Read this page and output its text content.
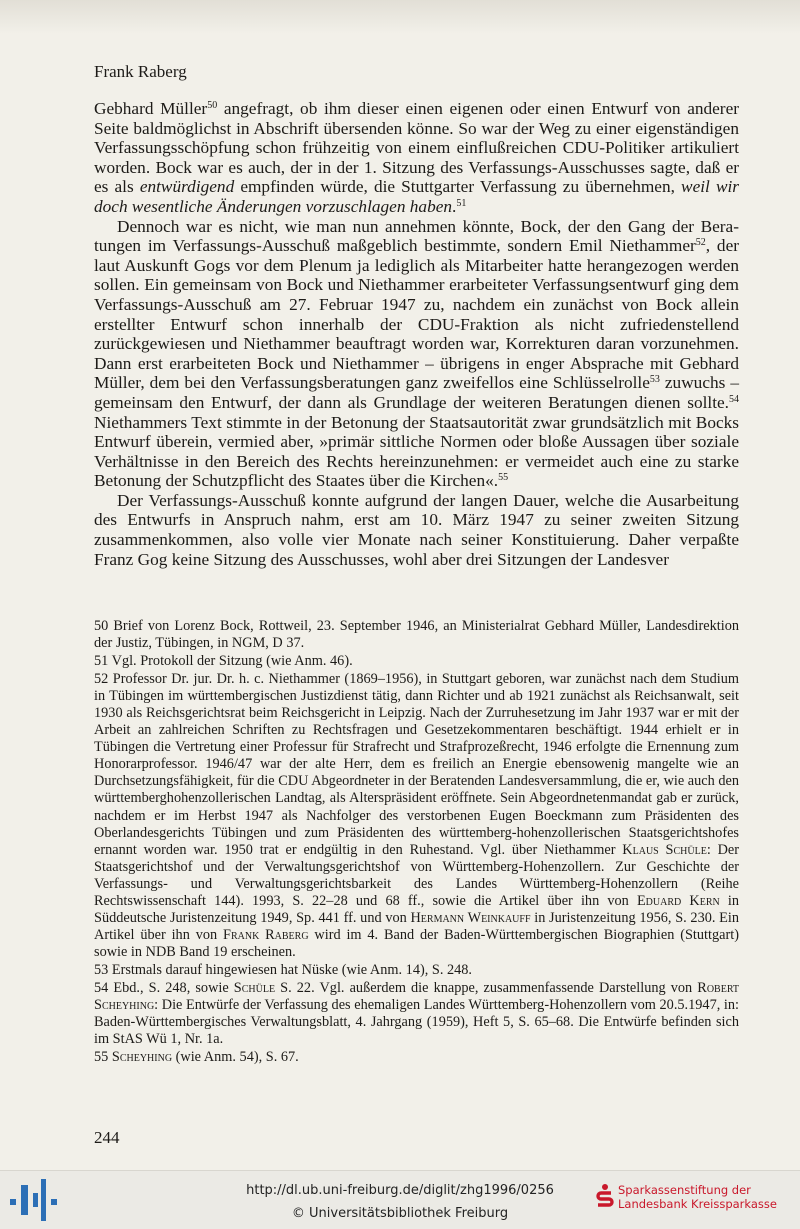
Frank Raberg

Gebhard Müller$^{50}$ angefragt, ob ihm dieser einen eigenen oder einen Entwurf von anderer Seite baldmöglichst in Abschrift übersenden könne. So war der Weg zu einer eigenständigen Verfassungsschöpfung schon frühzeitig von einem einflußreichen CDU-Politiker artikuliert worden. Bock war es auch, der in der 1. Sitzung des Verfassungs-Ausschusses sagte, daß er es als entwürdigend empfinden würde, die Stuttgarter Verfassung zu übernehmen, weil wir doch wesentliche Änderungen vorzuschlagen haben.$^{51}$

Dennoch war es nicht, wie man nun annehmen könnte, Bock, der den Gang der Beratungen im Verfassungs-Ausschuß maßgeblich bestimmte, sondern Emil Niethammer$^{52}$, der laut Auskunft Gogs vor dem Plenum ja lediglich als Mitarbeiter hatte herangezogen werden sollen. Ein gemeinsam von Bock und Niethammer erarbeiteter Verfassungsentwurf ging dem Verfassungs-Ausschuß am 27. Februar 1947 zu, nachdem ein zunächst von Bock allein erstellter Entwurf schon innerhalb der CDU-Fraktion als nicht zufriedenstellend zurückgewiesen und Niethammer beauftragt worden war, Korrekturen daran vorzunehmen. Dann erst erarbeiteten Bock und Niethammer – übrigens in enger Absprache mit Gebhard Müller, dem bei den Verfassungsberatungen ganz zweifellos eine Schlüsselrolle$^{53}$ zuwuchs – gemeinsam den Entwurf, der dann als Grundlage der weiteren Beratungen dienen sollte.$^{54}$ Niethammers Text stimmte in der Betonung der Staatsautorität zwar grundsätzlich mit Bocks Entwurf überein, vermied aber, »primär sittliche Normen oder bloße Aussagen über soziale Verhältnisse in den Bereich des Rechts hereinzunehmen: er vermeidet auch eine zu starke Betonung der Schutzpflicht des Staates über die Kirchen«.$^{55}$

Der Verfassungs-Ausschuß konnte aufgrund der langen Dauer, welche die Ausarbeitung des Entwurfs in Anspruch nahm, erst am 10. März 1947 zu seiner zweiten Sitzung zusammenkommen, also volle vier Monate nach seiner Konstituierung. Daher verpaßte Franz Gog keine Sitzung des Ausschusses, wohl aber drei Sitzungen der Landesver

50 Brief von Lorenz Bock, Rottweil, 23. September 1946, an Ministerialrat Gebhard Müller, Landesdirektion der Justiz, Tübingen, in NGM, D 37.

51 Vgl. Protokoll der Sitzung (wie Anm. 46).

52 Professor Dr. jur. Dr. h. c. Niethammer (1869–1956), in Stuttgart geboren, war zunächst nach dem Studium in Tübingen im württembergischen Justizdienst tätig, dann Richter und ab 1921 zunächst als Reichsanwalt, seit 1930 als Reichsgerichtsrat beim Reichsgericht in Leipzig. Nach der Zurruhesetzung im Jahr 1937 war er mit der Arbeit an zahlreichen Schriften zu Rechtsfragen und Gesetzekommentaren beschäftigt. 1944 erhielt er in Tübingen die Vertretung einer Professur für Strafrecht und Strafprozeßrecht, 1946 erfolgte die Ernennung zum Honorarprofessor. 1946/47 war der alte Herr, dem es freilich an Energie ebensowenig mangelte wie an Durchsetzungsfähigkeit, für die CDU Abgeordneter in der Beratenden Landesversammlung, die er, wie auch den württemberghohenzollerischen Landtag, als Alterspräsident eröffnete. Sein Abgeordnetenmandat gab er zurück, nachdem er im Herbst 1947 als Nachfolger des verstorbenen Eugen Boeckmann zum Präsidenten des Oberlandesgerichts Tübingen und zum Präsidenten des württemberg-hohenzollerischen Staatsgerichtshofes ernannt worden war. 1950 trat er endgültig in den Ruhestand. Vgl. über Niethammer Klaus Schüle: Der Staatsgerichtshof und der Verwaltungsgerichtshof von Württemberg-Hohenzollern. Zur Geschichte der Verfassungs- und Verwaltungsgerichtsbarkeit des Landes Württemberg-Hohenzollern (Reihe Rechtswissenschaft 144). 1993, S. 22–28 und 68 ff., sowie die Artikel über ihn von Eduard Kern in Süddeutsche Juristenzeitung 1949, Sp. 441 ff. und von Hermann Weinkauff in Juristenzeitung 1956, S. 230. Ein Artikel über ihn von Frank Raberg wird im 4. Band der Baden-Württembergischen Biographien (Stuttgart) sowie in NDB Band 19 erscheinen.

53 Erstmals darauf hingewiesen hat Nüske (wie Anm. 14), S. 248.

54 Ebd., S. 248, sowie Schüle S. 22. Vgl. außerdem die knappe, zusammenfassende Darstellung von Robert Scheyhing: Die Entwürfe der Verfassung des ehemaligen Landes Württemberg-Hohenzollern vom 20.5.1947, in: Baden-Württembergisches Verwaltungsblatt, 4. Jahrgang (1959), Heft 5, S. 65–68. Die Entwürfe befinden sich im StAS Wü 1, Nr. 1a.

55 Scheyhing (wie Anm. 54), S. 67.

244
http://dl.ub.uni-freiburg.de/diglit/zhg1996/0256
© Universitätsbibliothek Freiburg
Sparkassenstiftung der
Landesbank Kreissparkasse
